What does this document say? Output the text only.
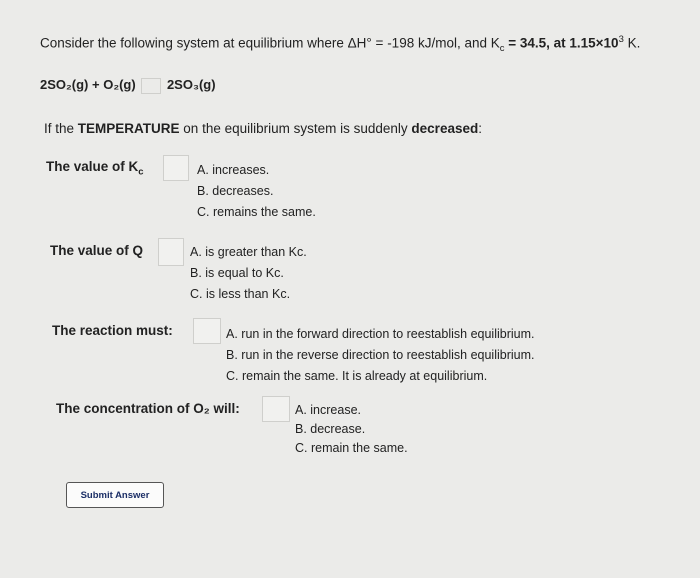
Consider the following system at equilibrium where ΔH° = -198 kJ/mol, and $K_c = 34.5$, at $1.15\times 10^3$ K.
2SO₂(g) + O₂(g) 2SO₃(g)
If the TEMPERATURE on the equilibrium system is suddenly decreased:
The value of $K_c$	A. increases.
B. decreases.
C. remains the same.
The value of Q	A. is greater than Kc.
B. is equal to Kc.
C. is less than Kc.
The reaction must:	A. run in the forward direction to reestablish equilibrium.
B. run in the reverse direction to reestablish equilibrium.
C. remain the same. It is already at equilibrium.
The concentration of O₂ will:	A. increase.
B. decrease.
C. remain the same.
Submit Answer
